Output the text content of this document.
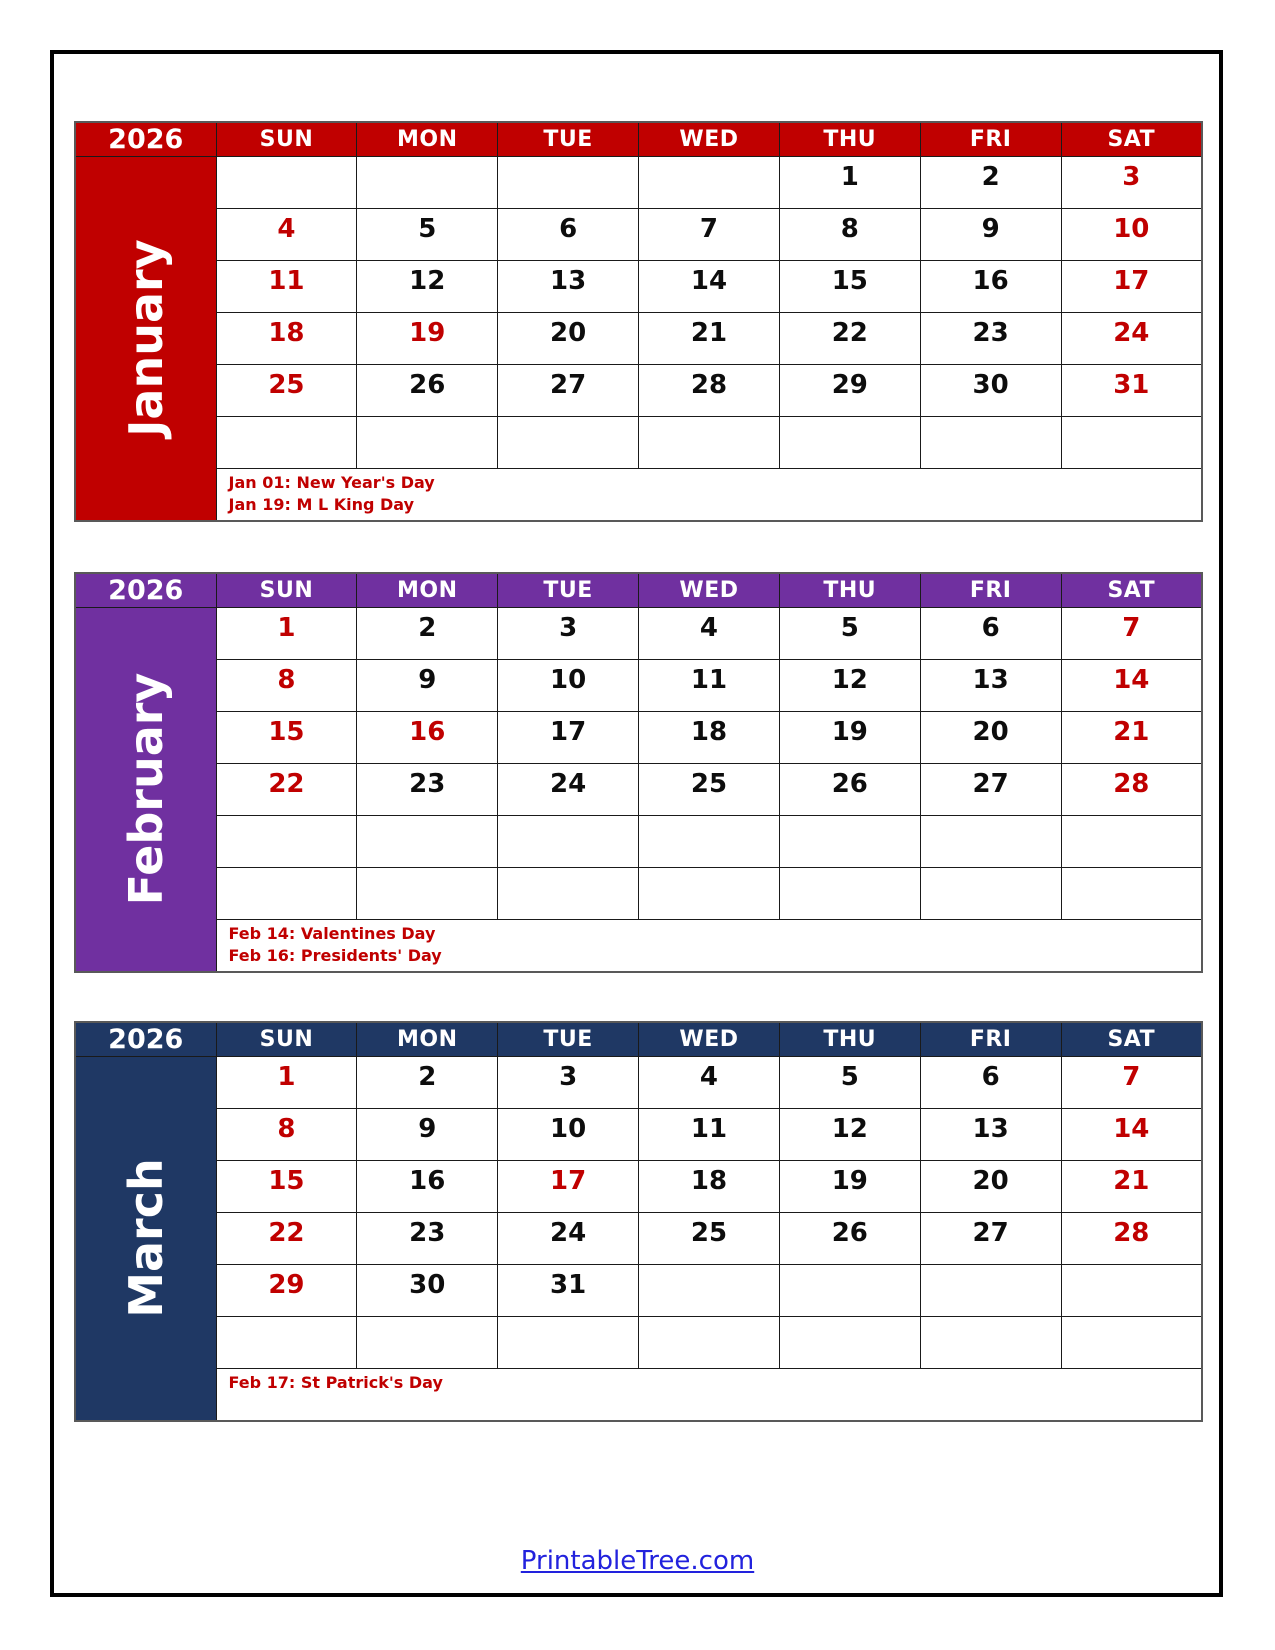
2026	SUN	MON	TUE	WED	THU	FRI	SAT

January					1	2	3
	4	5	6	7	8	9	10
	11	12	13	14	15	16	17
	18	19	20	21	22	23	24
	25	26	27	28	29	30	31

	Jan 01: New Year's Day
Jan 19: M L King Day						
2026	SUN	MON	TUE	WED	THU	FRI	SAT

February	1	2	3	4	5	6	7
	8	9	10	11	12	13	14
	15	16	17	18	19	20	21
	22	23	24	25	26	27	28

	Feb 14: Valentines Day
Feb 16: Presidents' Day						
2026	SUN	MON	TUE	WED	THU	FRI	SAT

March	1	2	3	4	5	6	7
	8	9	10	11	12	13	14
	15	16	17	18	19	20	21
	22	23	24	25	26	27	28
	29	30	31				

	Feb 17: St Patrick's Day						
PrintableTree.com
